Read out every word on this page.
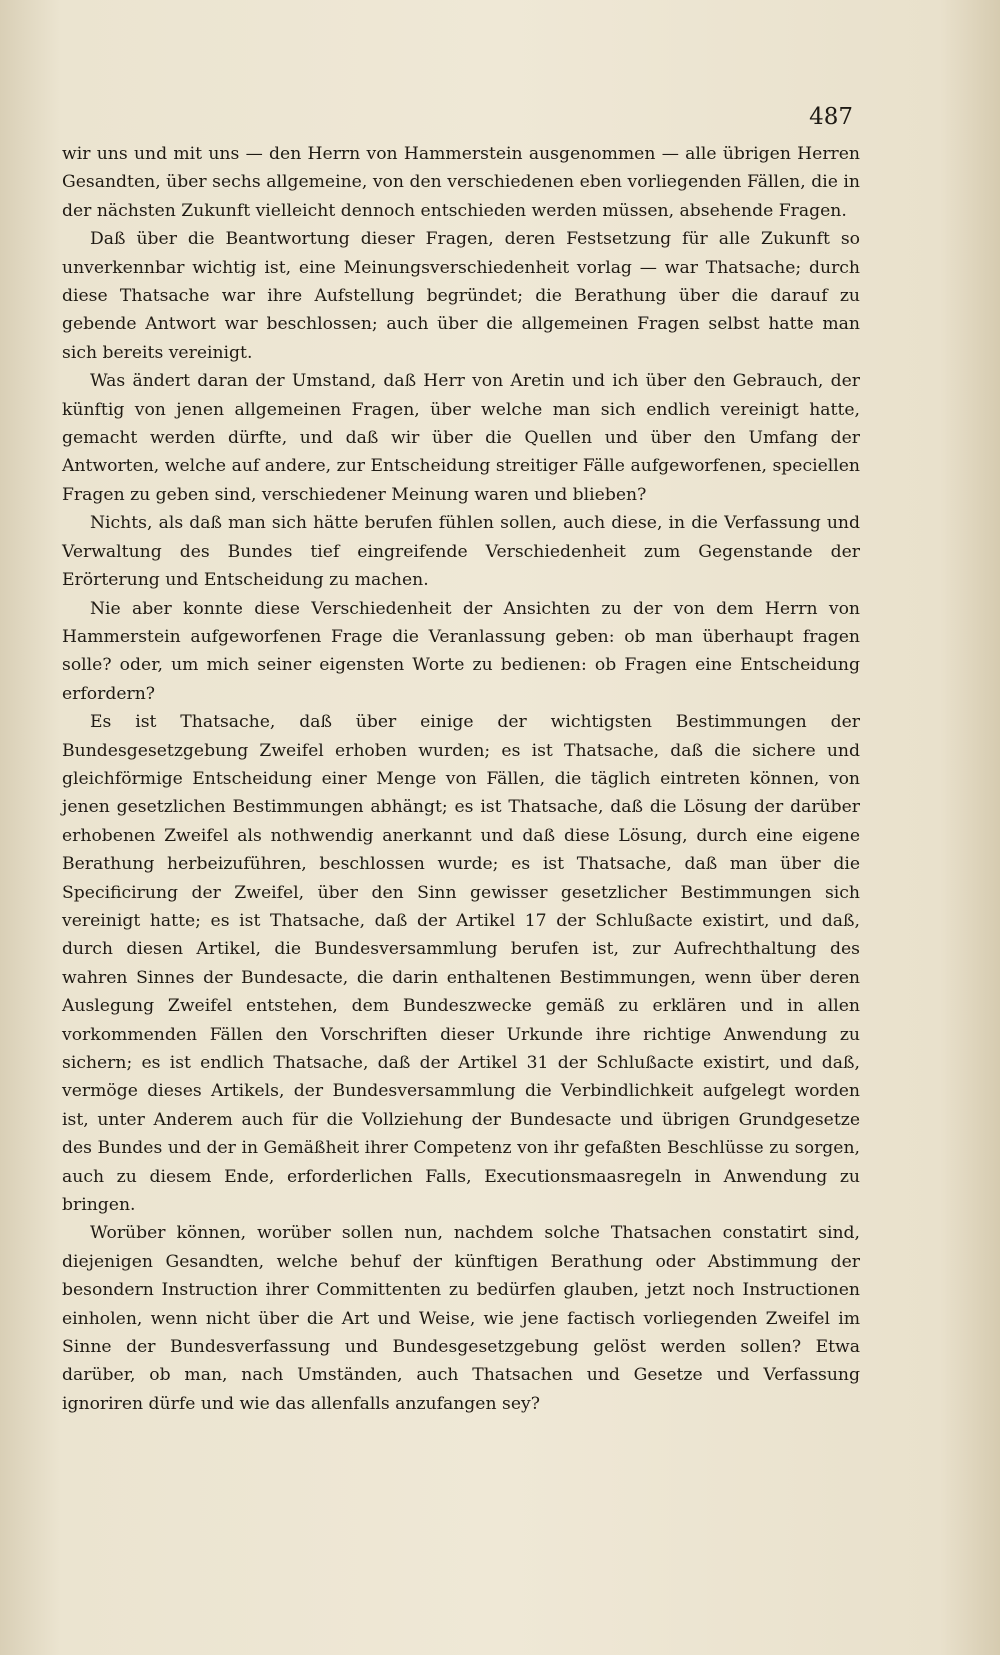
487

wir uns und mit uns — den Herrn von Hammerstein ausgenommen — alle übrigen Herren Gesandten, über sechs allgemeine, von den verschiedenen eben vorliegenden Fällen, die in der nächsten Zukunft vielleicht dennoch entschieden werden müssen, absehende Fragen.

Daß über die Beantwortung dieser Fragen, deren Festsetzung für alle Zukunft so unverkennbar wichtig ist, eine Meinungsverschiedenheit vorlag — war Thatsache; durch diese Thatsache war ihre Aufstellung begründet; die Berathung über die darauf zu gebende Antwort war beschlossen; auch über die allgemeinen Fragen selbst hatte man sich bereits vereinigt.

Was ändert daran der Umstand, daß Herr von Aretin und ich über den Gebrauch, der künftig von jenen allgemeinen Fragen, über welche man sich endlich vereinigt hatte, gemacht werden dürfte, und daß wir über die Quellen und über den Umfang der Antworten, welche auf andere, zur Entscheidung streitiger Fälle aufgeworfenen, speciellen Fragen zu geben sind, verschiedener Meinung waren und blieben?

Nichts, als daß man sich hätte berufen fühlen sollen, auch diese, in die Verfassung und Verwaltung des Bundes tief eingreifende Verschiedenheit zum Gegenstande der Erörterung und Entscheidung zu machen.

Nie aber konnte diese Verschiedenheit der Ansichten zu der von dem Herrn von Hammerstein aufgeworfenen Frage die Veranlassung geben: ob man überhaupt fragen solle? oder, um mich seiner eigensten Worte zu bedienen: ob Fragen eine Entscheidung erfordern?

Es ist Thatsache, daß über einige der wichtigsten Bestimmungen der Bundesgesetzgebung Zweifel erhoben wurden; es ist Thatsache, daß die sichere und gleichförmige Entscheidung einer Menge von Fällen, die täglich eintreten können, von jenen gesetzlichen Bestimmungen abhängt; es ist Thatsache, daß die Lösung der darüber erhobenen Zweifel als nothwendig anerkannt und daß diese Lösung, durch eine eigene Berathung herbeizuführen, beschlossen wurde; es ist Thatsache, daß man über die Specificirung der Zweifel, über den Sinn gewisser gesetzlicher Bestimmungen sich vereinigt hatte; es ist Thatsache, daß der Artikel 17 der Schlußacte existirt, und daß, durch diesen Artikel, die Bundesversammlung berufen ist, zur Aufrechthaltung des wahren Sinnes der Bundesacte, die darin enthaltenen Bestimmungen, wenn über deren Auslegung Zweifel entstehen, dem Bundeszwecke gemäß zu erklären und in allen vorkommenden Fällen den Vorschriften dieser Urkunde ihre richtige Anwendung zu sichern; es ist endlich Thatsache, daß der Artikel 31 der Schlußacte existirt, und daß, vermöge dieses Artikels, der Bundesversammlung die Verbindlichkeit aufgelegt worden ist, unter Anderem auch für die Vollziehung der Bundesacte und übrigen Grundgesetze des Bundes und der in Gemäßheit ihrer Competenz von ihr gefaßten Beschlüsse zu sorgen, auch zu diesem Ende, erforderlichen Falls, Executionsmaasregeln in Anwendung zu bringen.

Worüber können, worüber sollen nun, nachdem solche Thatsachen constatirt sind, diejenigen Gesandten, welche behuf der künftigen Berathung oder Abstimmung der besondern Instruction ihrer Committenten zu bedürfen glauben, jetzt noch Instructionen einholen, wenn nicht über die Art und Weise, wie jene factisch vorliegenden Zweifel im Sinne der Bundesverfassung und Bundesgesetzgebung gelöst werden sollen? Etwa darüber, ob man, nach Umständen, auch Thatsachen und Gesetze und Verfassung ignoriren dürfe und wie das allenfalls anzufangen sey?
